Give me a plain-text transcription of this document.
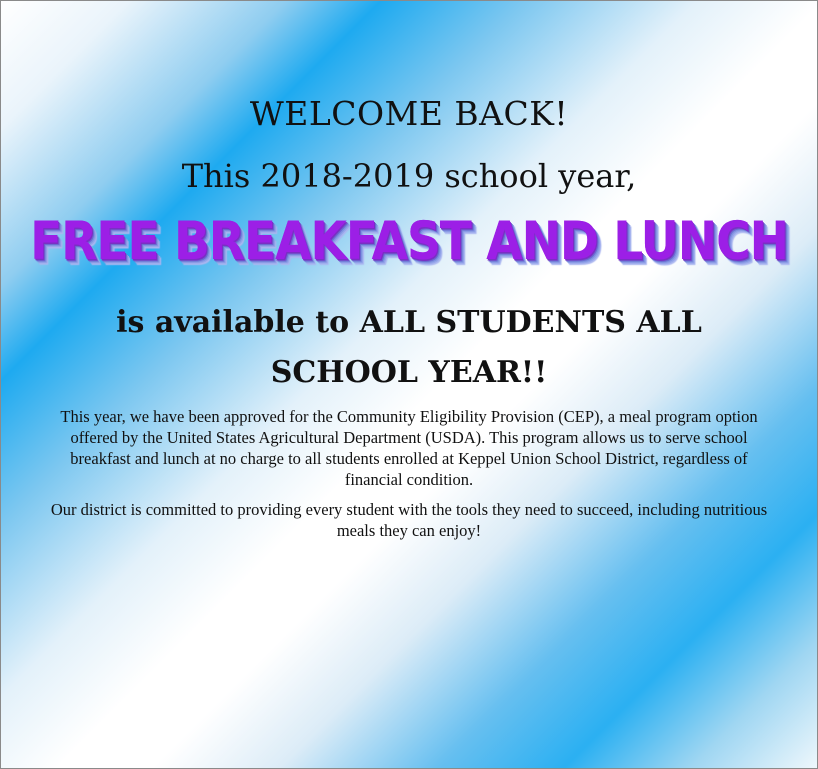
WELCOME BACK!
This 2018-2019 school year,
FREE BREAKFAST AND LUNCH
is available to ALL STUDENTS ALL SCHOOL YEAR!!

This year, we have been approved for the Community Eligibility Provision (CEP), a meal program option offered by the United States Agricultural Department (USDA). This program allows us to serve school breakfast and lunch at no charge to all students enrolled at Keppel Union School District, regardless of financial condition.

Our district is committed to providing every student with the tools they need to succeed, including nutritious meals they can enjoy!
